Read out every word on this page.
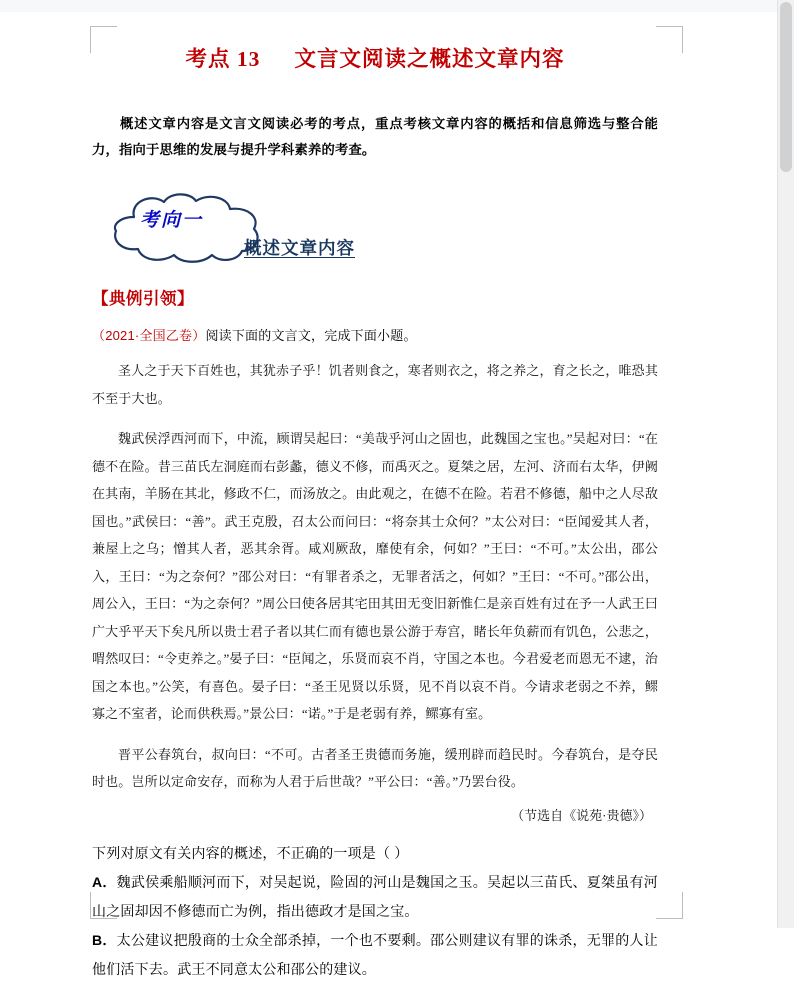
考点 13 文言文阅读之概述文章内容
概述文章内容是文言文阅读必考的考点，重点考核文章内容的概括和信息筛选与整合能力，指向于思维的发展与提升学科素养的考查。
考向一
概述文章内容
【典例引领】
（2021·全国乙卷）阅读下面的文言文，完成下面小题。
圣人之于天下百姓也，其犹赤子乎！饥者则食之，寒者则衣之，将之养之，育之长之，唯恐其不至于大也。
魏武侯浮西河而下，中流，顾谓吴起曰：“美哉乎河山之固也，此魏国之宝也。”吴起对曰：“在德不在险。昔三苗氏左洞庭而右彭蠡，德义不修，而禹灭之。夏桀之居，左河、济而右太华，伊阙在其南，羊肠在其北，修政不仁，而汤放之。由此观之，在德不在险。若君不修德，船中之人尽敌国也。”武侯曰：“善”。武王克殷，召太公而问曰：“将奈其士众何？”太公对曰：“臣闻爱其人者，兼屋上之乌；憎其人者，恶其余胥。咸刈厥敌，靡使有余，何如？”王曰：“不可。”太公出，邵公入，王曰：“为之奈何？”邵公对曰：“有罪者杀之，无罪者活之，何如？”王曰：“不可。”邵公出，周公入，王曰：“为之奈何？”周公曰使各居其宅田其田无变旧新惟仁是亲百姓有过在予一人武王曰广大乎平天下矣凡所以贵士君子者以其仁而有德也景公游于寿宫，睹长年负薪而有饥色，公悲之，喟然叹曰：“令吏养之。”晏子曰：“臣闻之，乐贤而哀不肖，守国之本也。今君爱老而恩无不逮，治国之本也。”公笑，有喜色。晏子曰：“圣王见贤以乐贤，见不肖以哀不肖。今请求老弱之不养，鳏寡之不室者，论而供秩焉。”景公曰：“诺。”于是老弱有养，鳏寡有室。
晋平公春筑台，叔向曰：“不可。古者圣王贵德而务施，缓刑辟而趋民时。今春筑台，是夺民时也。岂所以定命安存，而称为人君于后世哉？”平公曰：“善。”乃罢台役。
（节选自《说苑·贵德》）
下列对原文有关内容的概述，不正确的一项是（ ）
A．魏武侯乘船顺河而下，对吴起说，险固的河山是魏国之玉。吴起以三苗氏、夏桀虽有河山之固却因不修德而亡为例，指出德政才是国之宝。
B．太公建议把殷商的士众全部杀掉，一个也不要剩。邵公则建议有罪的诛杀，无罪的人让他们活下去。武王不同意太公和邵公的建议。
